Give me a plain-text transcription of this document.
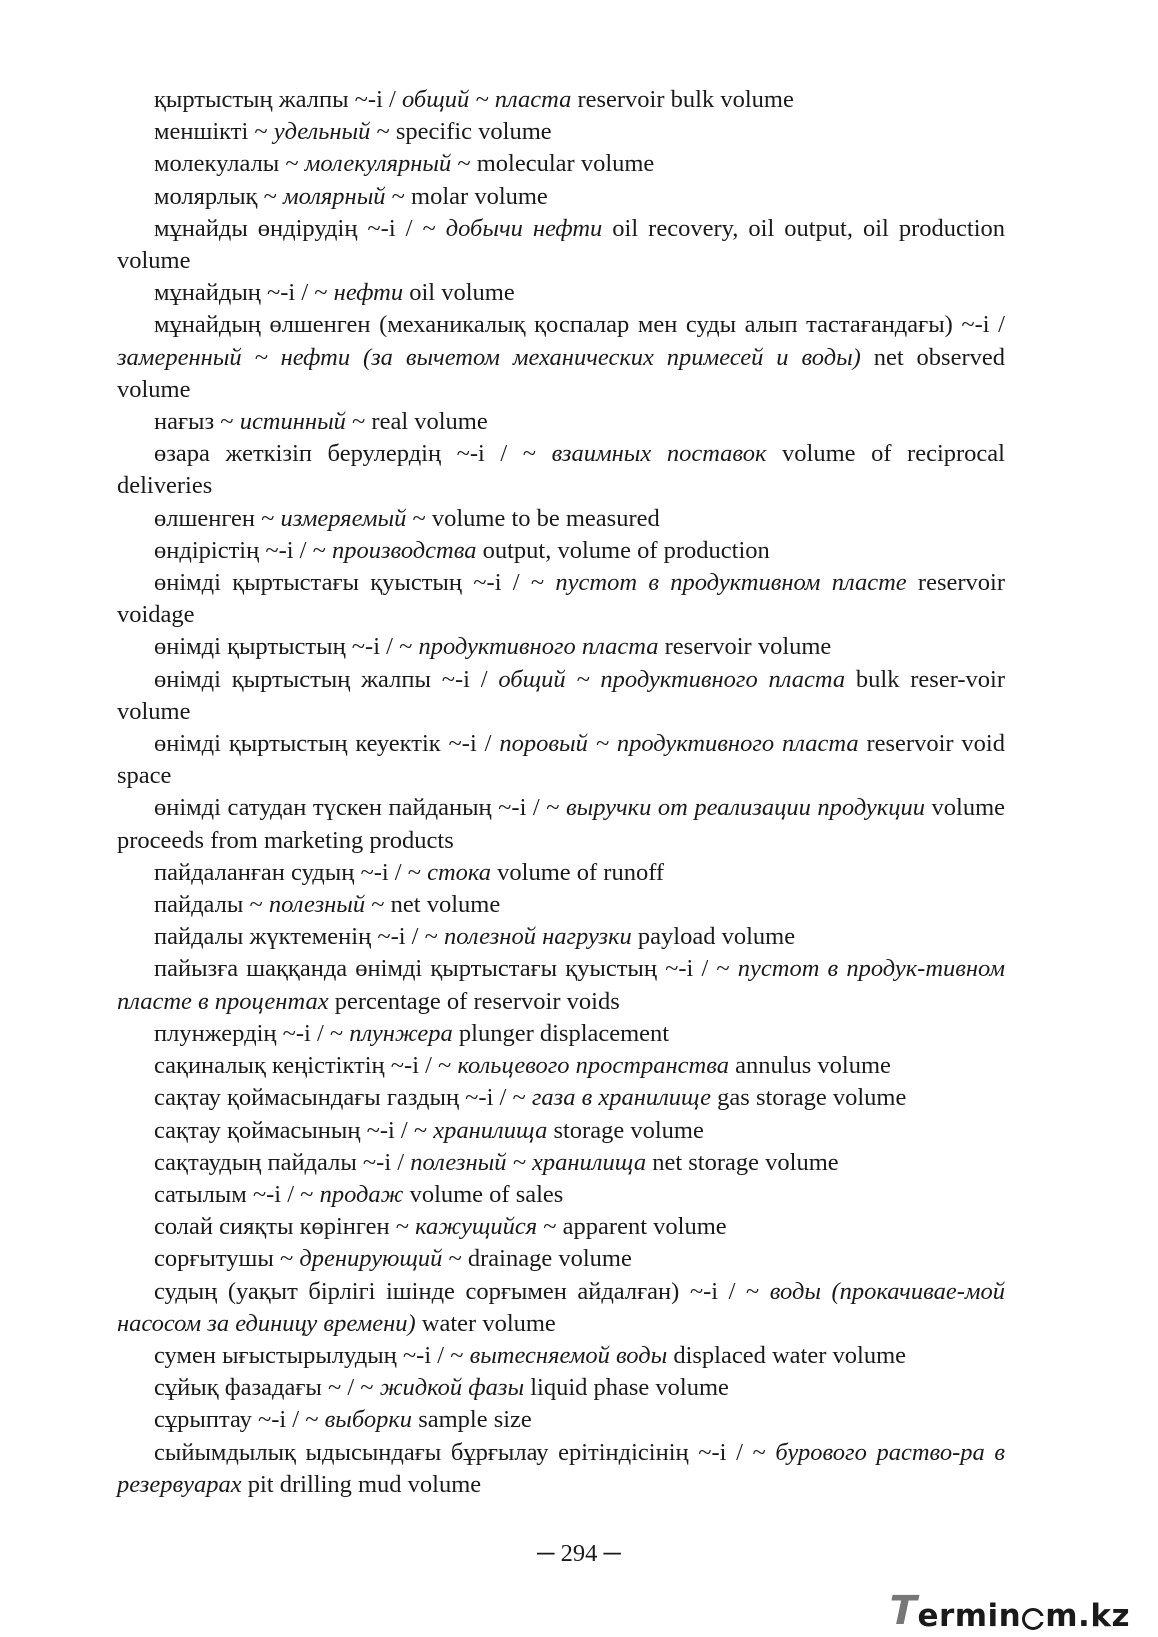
қыртыстың жалпы ~-і / общий ~ пласта reservoir bulk volume

меншікті ~ удельный ~ specific volume

молекулалы ~ молекулярный ~ molecular volume

молярлық ~ молярный ~ molar volume

мұнайды өндірудің ~-і / ~ добычи нефти oil recovery, oil output, oil production volume

мұнайдың ~-і / ~ нефти oil volume

мұнайдың өлшенген (механикалық қоспалар мен суды алып тастағандағы) ~-і / замеренный ~ нефти (за вычетом механических примесей и воды) net observed volume

нағыз ~ истинный ~ real volume

өзара жеткізіп берулердің ~-і / ~ взаимных поставок volume of reciprocal deliveries

өлшенген ~ измеряемый ~ volume to be measured

өндірістің ~-і / ~ производства output, volume of production

өнімді қыртыстағы қуыстың ~-і / ~ пустот в продуктивном пласте reservoir voidage

өнімді қыртыстың ~-і / ~ продуктивного пласта reservoir volume

өнімді қыртыстың жалпы ~-і / общий ~ продуктивного пласта bulk reser-voir volume

өнімді қыртыстың кеуектік ~-і / поровый ~ продуктивного пласта reservoir void space

өнімді сатудан түскен пайданың ~-і / ~ выручки от реализации продукции volume proceeds from marketing products

пайдаланған судың ~-і / ~ стока volume of runoff

пайдалы ~ полезный ~ net volume

пайдалы жүктеменің ~-і / ~ полезной нагрузки payload volume

пайызға шаққанда өнімді қыртыстағы қуыстың ~-і / ~ пустот в продук-тивном пласте в процентах percentage of reservoir voids

плунжердің ~-і / ~ плунжера plunger displacement

сақиналық кеңістіктің ~-і / ~ кольцевого пространства annulus volume

сақтау қоймасындағы газдың ~-і / ~ газа в хранилище gas storage volume

сақтау қоймасының ~-і / ~ хранилища storage volume

сақтаудың пайдалы ~-і / полезный ~ хранилища net storage volume

сатылым ~-і / ~ продаж volume of sales

солай сияқты көрінген ~ кажущийся ~ apparent volume

сорғытушы ~ дренирующий ~ drainage volume

судың (уақыт бірлігі ішінде сорғымен айдалған) ~-і / ~ воды (прокачивае-мой насосом за единицу времени) water volume

сумен ығыстырылудың ~-і / ~ вытесняемой воды displaced water volume

сұйық фазадағы ~ / ~ жидкой фазы liquid phase volume

сұрыптау ~-і / ~ выборки sample size

сыйымдылық ыдысындағы бұрғылау ерітіндісінің ~-і / ~ бурового раство-ра в резервуарах pit drilling mud volume

─ 294 ─
T
ermin m.kz
